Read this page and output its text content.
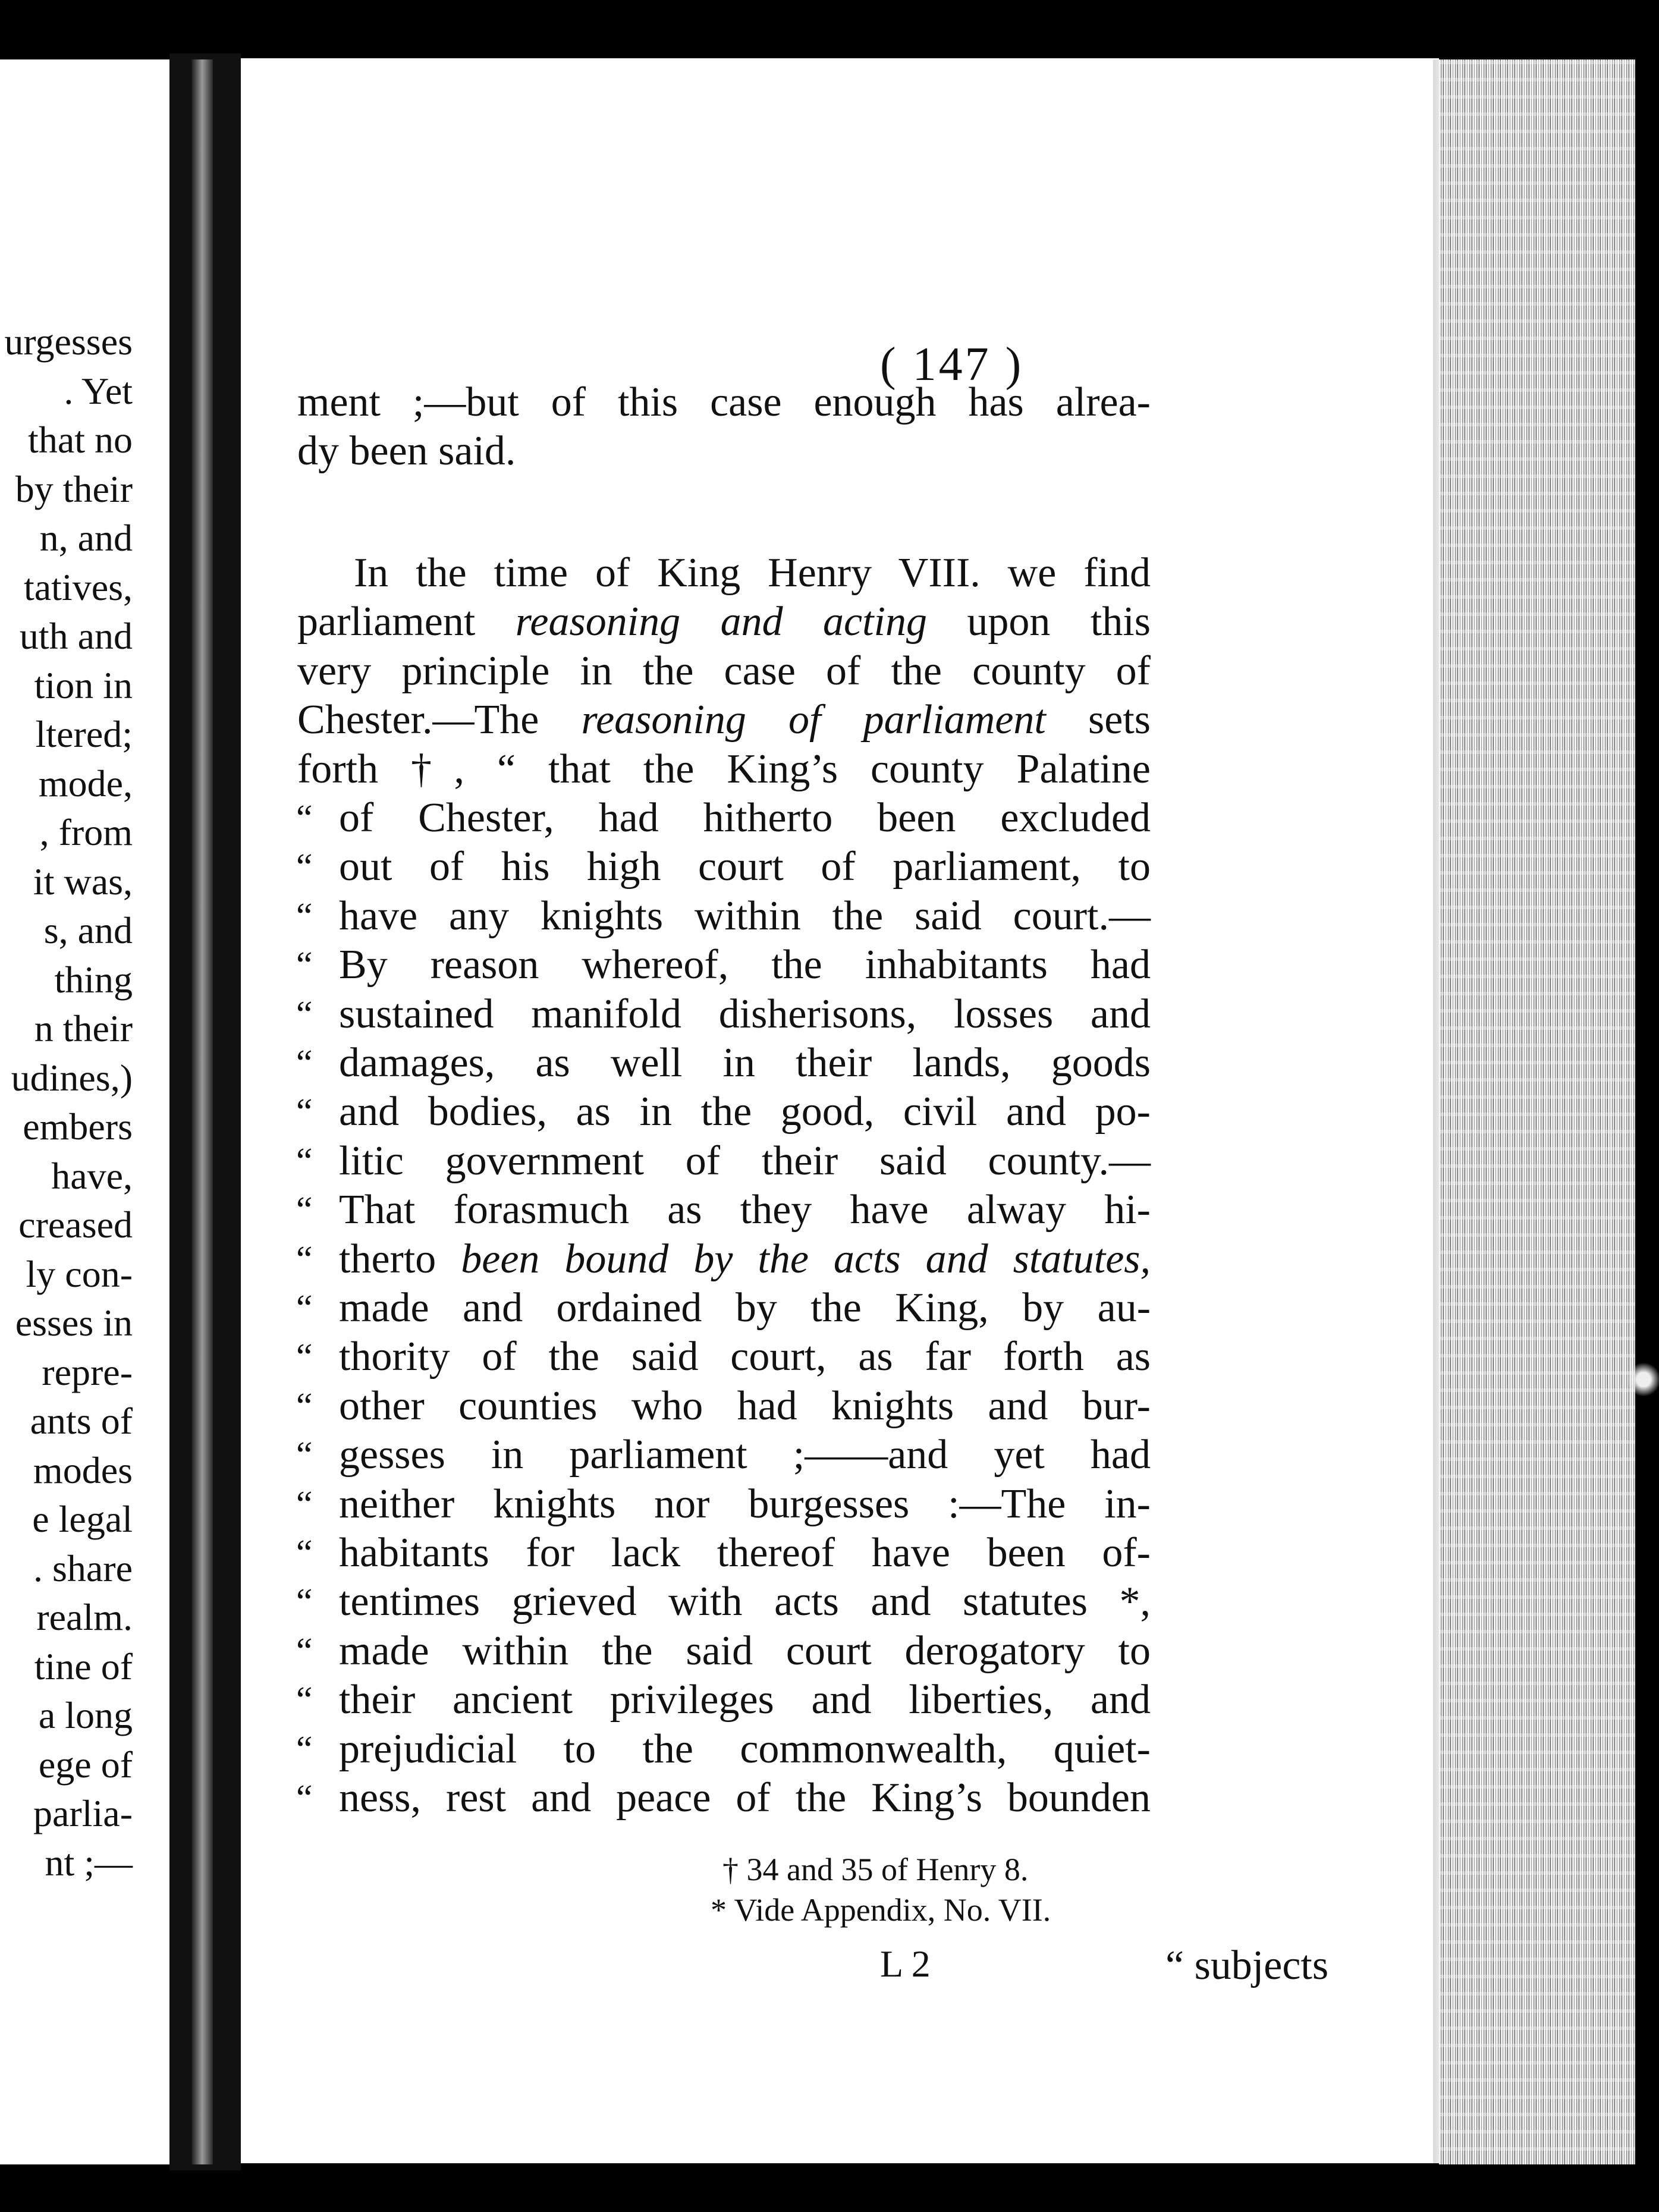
urgesses
. Yet
that no
by their
n, and
tatives,
uth and
tion in
ltered;
mode,
, from
it was,
s, and
thing
n their
udines,)
embers
have,
creased
ly con-
esses in
repre-
ants of
modes
e legal
. share
realm.
tine of
a long
ege of
parlia-
nt ;—
( 147 )
ment ;—but of this case enough has alrea-
dy been said.
In the time of King Henry VIII. we find
parliament reasoning and acting upon this
very principle in the case of the county of
Chester.—The reasoning of parliament sets
forth †, “ that the King’s county Palatine
“ of Chester, had hitherto been excluded
“ out of his high court of parliament, to
“ have any knights within the said court.—
“ By reason whereof, the inhabitants had
“ sustained manifold disherisons, losses and
“ damages, as well in their lands, goods
“ and bodies, as in the good, civil and po-
“ litic government of their said county.—
“ That forasmuch as they have alway hi-
“ therto been bound by the acts and statutes,
“ made and ordained by the King, by au-
“ thority of the said court, as far forth as
“ other counties who had knights and bur-
“ gesses in parliament ;——and yet had
“ neither knights nor burgesses :—The in-
“ habitants for lack thereof have been of-
“ tentimes grieved with acts and statutes *,
“ made within the said court derogatory to
“ their ancient privileges and liberties, and
“ prejudicial to the commonwealth, quiet-
“ ness, rest and peace of the King’s bounden
† 34 and 35 of Henry 8.
* Vide Appendix, No. VII.
L 2	“ subjects
